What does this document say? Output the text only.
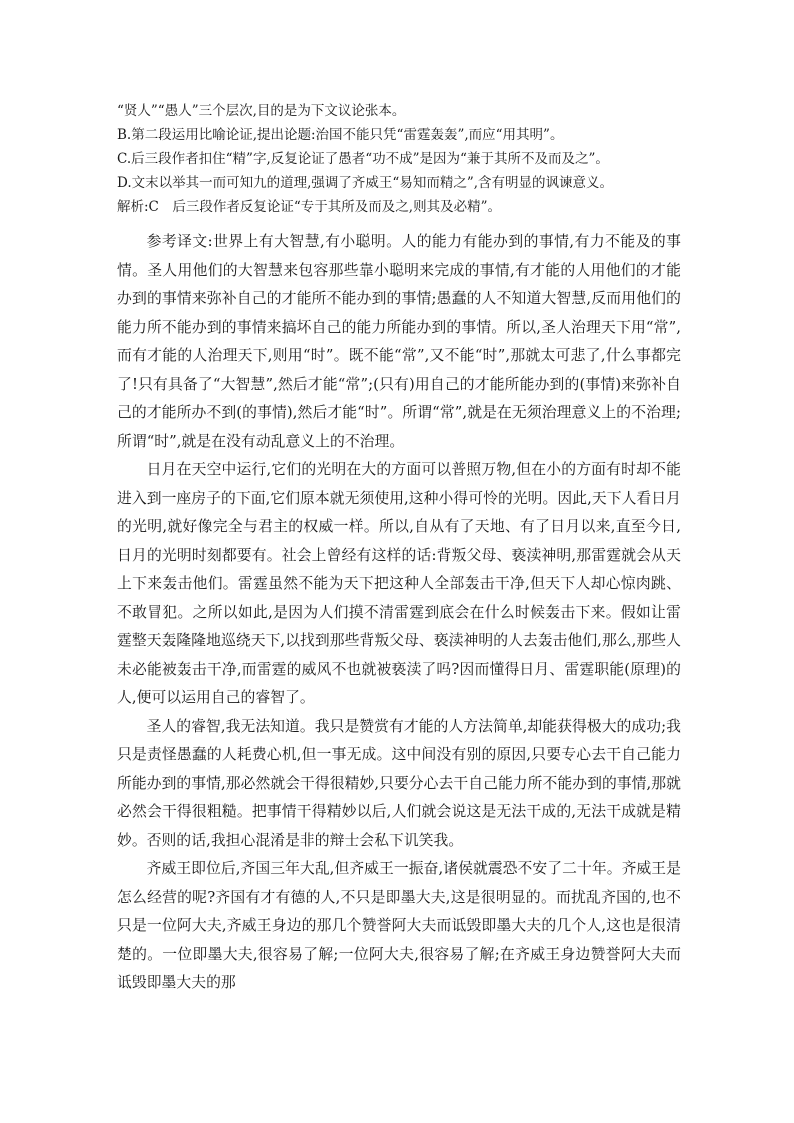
“贤人”“愚人”三个层次,目的是为下文议论张本。
B.第二段运用比喻论证,提出论题:治国不能只凭“雷霆轰轰”,而应“用其明”。
C.后三段作者扣住“精”字,反复论证了愚者“功不成”是因为“兼于其所不及而及之”。
D.文末以举其一而可知九的道理,强调了齐威王“易知而精之”,含有明显的讽谏意义。
解析:C　后三段作者反复论证“专于其所及而及之,则其及必精”。

参考译文:世界上有大智慧,有小聪明。人的能力有能办到的事情,有力不能及的事情。圣人用他们的大智慧来包容那些靠小聪明来完成的事情,有才能的人用他们的才能办到的事情来弥补自己的才能所不能办到的事情;愚蠢的人不知道大智慧,反而用他们的能力所不能办到的事情来搞坏自己的能力所能办到的事情。所以,圣人治理天下用“常”,而有才能的人治理天下,则用“时”。既不能“常”,又不能“时”,那就太可悲了,什么事都完了!只有具备了“大智慧”,然后才能“常”;(只有)用自己的才能所能办到的(事情)来弥补自己的才能所办不到(的事情),然后才能“时”。所谓“常”,就是在无须治理意义上的不治理;所谓“时”,就是在没有动乱意义上的不治理。

日月在天空中运行,它们的光明在大的方面可以普照万物,但在小的方面有时却不能进入到一座房子的下面,它们原本就无须使用,这种小得可怜的光明。因此,天下人看日月的光明,就好像完全与君主的权威一样。所以,自从有了天地、有了日月以来,直至今日,日月的光明时刻都要有。社会上曾经有这样的话:背叛父母、亵渎神明,那雷霆就会从天上下来轰击他们。雷霆虽然不能为天下把这种人全部轰击干净,但天下人却心惊肉跳、不敢冒犯。之所以如此,是因为人们摸不清雷霆到底会在什么时候轰击下来。假如让雷霆整天轰隆隆地巡绕天下,以找到那些背叛父母、亵渎神明的人去轰击他们,那么,那些人未必能被轰击干净,而雷霆的威风不也就被亵渎了吗?因而懂得日月、雷霆职能(原理)的人,便可以运用自己的睿智了。

圣人的睿智,我无法知道。我只是赞赏有才能的人方法简单,却能获得极大的成功;我只是责怪愚蠢的人耗费心机,但一事无成。这中间没有别的原因,只要专心去干自己能力所能办到的事情,那必然就会干得很精妙,只要分心去干自己能力所不能办到的事情,那就必然会干得很粗糙。把事情干得精妙以后,人们就会说这是无法干成的,无法干成就是精妙。否则的话,我担心混淆是非的辩士会私下讥笑我。

齐威王即位后,齐国三年大乱,但齐威王一振奋,诸侯就震恐不安了二十年。齐威王是怎么经营的呢?齐国有才有德的人,不只是即墨大夫,这是很明显的。而扰乱齐国的,也不只是一位阿大夫,齐威王身边的那几个赞誉阿大夫而诋毁即墨大夫的几个人,这也是很清楚的。一位即墨大夫,很容易了解;一位阿大夫,很容易了解;在齐威王身边赞誉阿大夫而诋毁即墨大夫的那
